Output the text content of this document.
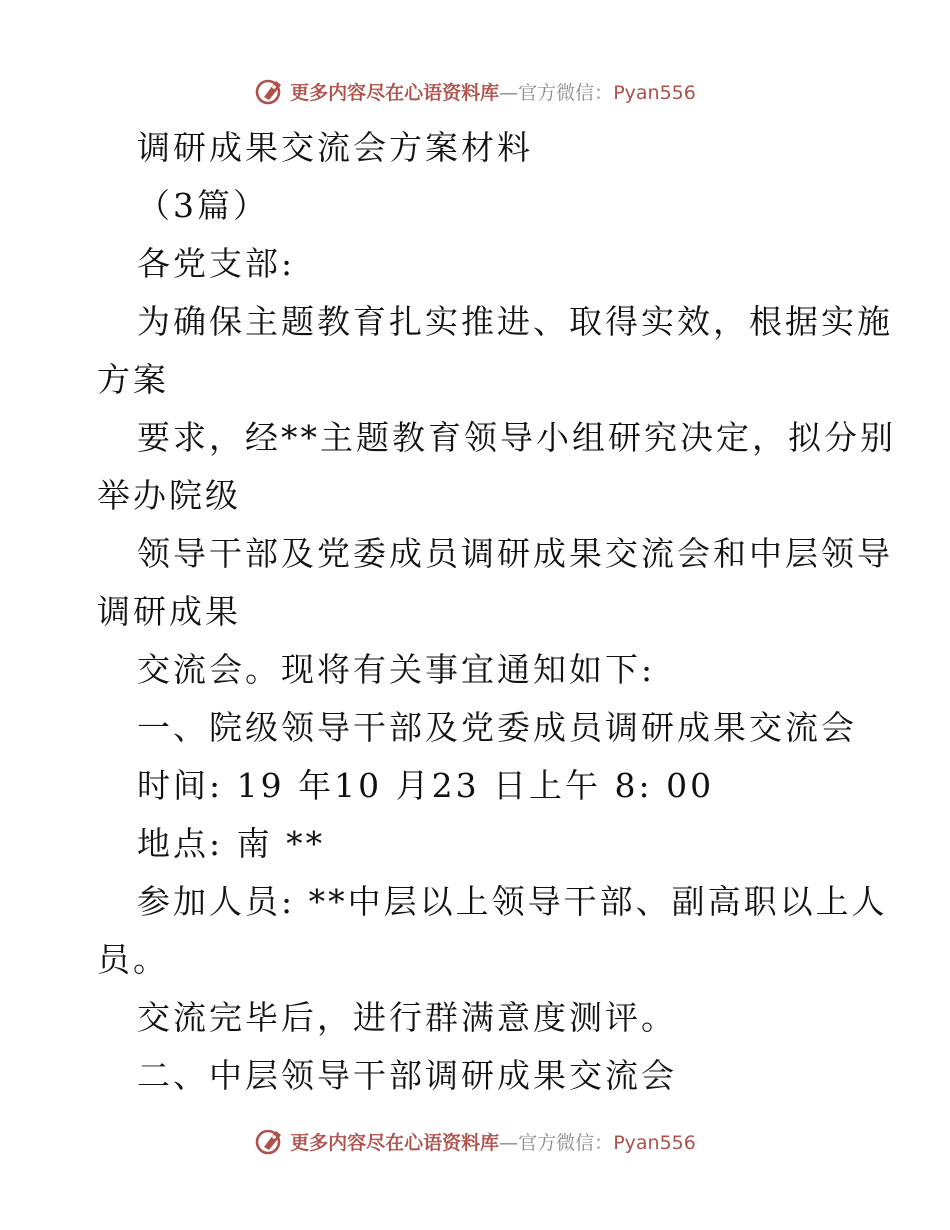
更多内容尽在心语资料库—官方微信：Pyan556
调研成果交流会方案材料
（3篇）
各党支部:
为确保主题教育扎实推进、取得实效，根据实施
方案
要求，经**主题教育领导小组研究决定，拟分别
举办院级
领导干部及党委成员调研成果交流会和中层领导
调研成果
交流会。现将有关事宜通知如下:
一、院级领导干部及党委成员调研成果交流会
时间: 19 年10 月23 日上午 8: 00
地点: 南 **
参加人员: **中层以上领导干部、副高职以上人
员。
交流完毕后，进行群满意度测评。
二、中层领导干部调研成果交流会
更多内容尽在心语资料库—官方微信：Pyan556
